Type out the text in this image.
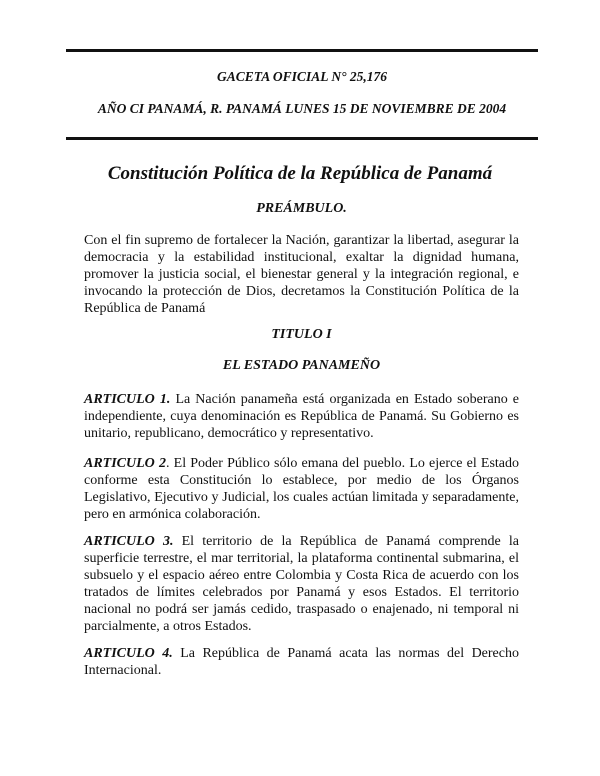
GACETA OFICIAL N° 25,176
AÑO CI PANAMÁ, R. PANAMÁ LUNES 15 DE NOVIEMBRE DE 2004
Constitución Política de la República de Panamá
PREÁMBULO.
Con el fin supremo de fortalecer la Nación, garantizar la libertad, asegurar la democracia y la estabilidad institucional, exaltar la dignidad humana, promover la justicia social, el bienestar general y la integración regional, e invocando la protección de Dios, decretamos la Constitución Política de la República de Panamá
TITULO I
EL ESTADO PANAMEÑO
ARTICULO 1. La Nación panameña está organizada en Estado soberano e independiente, cuya denominación es República de Panamá. Su Gobierno es unitario, republicano, democrático y representativo.
ARTICULO 2. El Poder Público sólo emana del pueblo. Lo ejerce el Estado conforme esta Constitución lo establece, por medio de los Órganos Legislativo, Ejecutivo y Judicial, los cuales actúan limitada y separadamente, pero en armónica colaboración.
ARTICULO 3. El territorio de la República de Panamá comprende la superficie terrestre, el mar territorial, la plataforma continental submarina, el subsuelo y el espacio aéreo entre Colombia y Costa Rica de acuerdo con los tratados de límites celebrados por Panamá y esos Estados. El territorio nacional no podrá ser jamás cedido, traspasado o enajenado, ni temporal ni parcialmente, a otros Estados.
ARTICULO 4. La República de Panamá acata las normas del Derecho Internacional.
